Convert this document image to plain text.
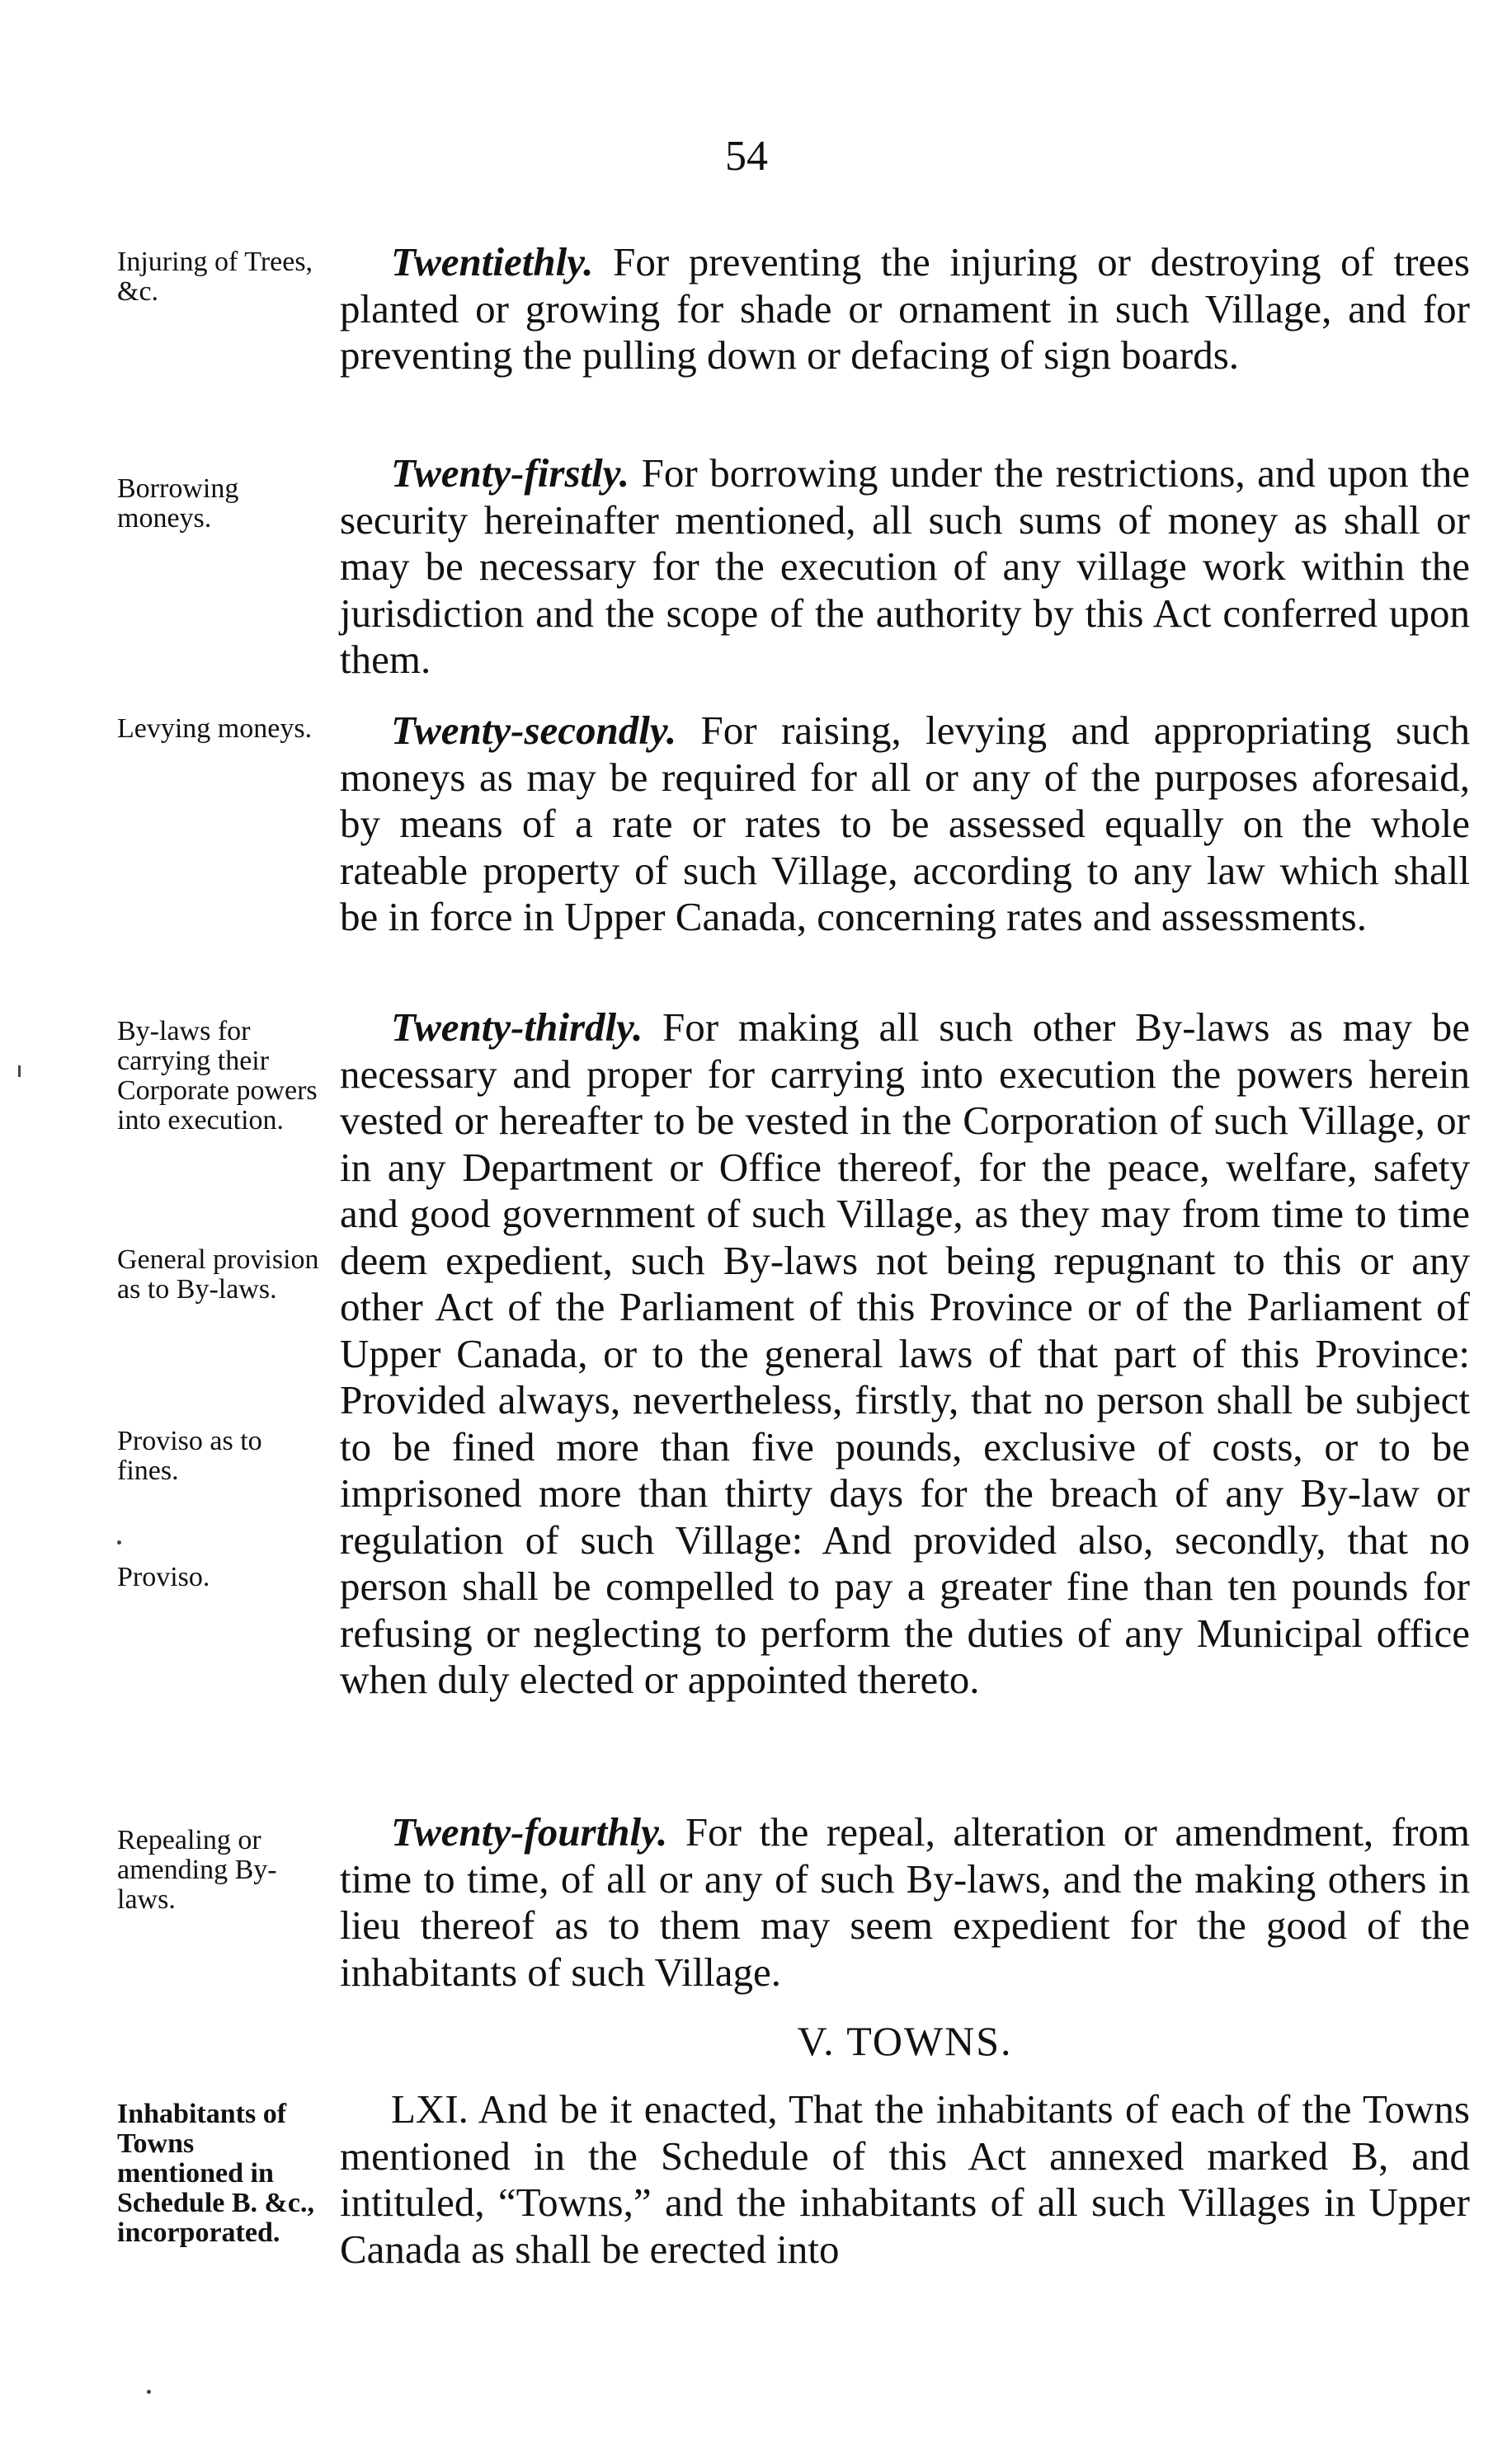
54
Injuring of Trees, &c.
Twentiethly. For preventing the injuring or destroying of trees planted or growing for shade or ornament in such Village, and for preventing the pulling down or defacing of sign boards.
Borrowing moneys.
Twenty-firstly. For borrowing under the restrictions, and upon the security hereinafter mentioned, all such sums of money as shall or may be necessary for the execution of any village work within the jurisdiction and the scope of the authority by this Act conferred upon them.
Levying moneys.	Twenty-secondly. For raising, levying and appropriating such moneys as may be required for all or any of the purposes aforesaid, by means of a rate or rates to be assessed equally on the whole rateable property of such Village, according to any law which shall be in force in Upper Canada, concerning rates and assessments.
By-laws for carrying their Corporate powers into execution.
General provision as to By-laws.
Proviso as to fines.
Proviso.
Twenty-thirdly. For making all such other By-laws as may be necessary and proper for carrying into execution the powers herein vested or hereafter to be vested in the Corporation of such Village, or in any Department or Office thereof, for the peace, welfare, safety and good government of such Village, as they may from time to time deem expedient, such By-laws not being repugnant to this or any other Act of the Parliament of this Province or of the Parliament of Upper Canada, or to the general laws of that part of this Province: Provided always, nevertheless, firstly, that no person shall be subject to be fined more than five pounds, exclusive of costs, or to be imprisoned more than thirty days for the breach of any By-law or regulation of such Village: And provided also, secondly, that no person shall be compelled to pay a greater fine than ten pounds for refusing or neglecting to perform the duties of any Municipal office when duly elected or appointed thereto.
Repealing or amending By-laws.
Twenty-fourthly. For the repeal, alteration or amendment, from time to time, of all or any of such By-laws, and the making others in lieu thereof as to them may seem expedient for the good of the inhabitants of such Village.
V. TOWNS.
Inhabitants of Towns mentioned in Schedule B. &c., incorporated.
LXI. And be it enacted, That the inhabitants of each of the Towns mentioned in the Schedule of this Act annexed marked B, and intituled, “Towns,” and the inhabitants of all such Villages in Upper Canada as shall be erected into
